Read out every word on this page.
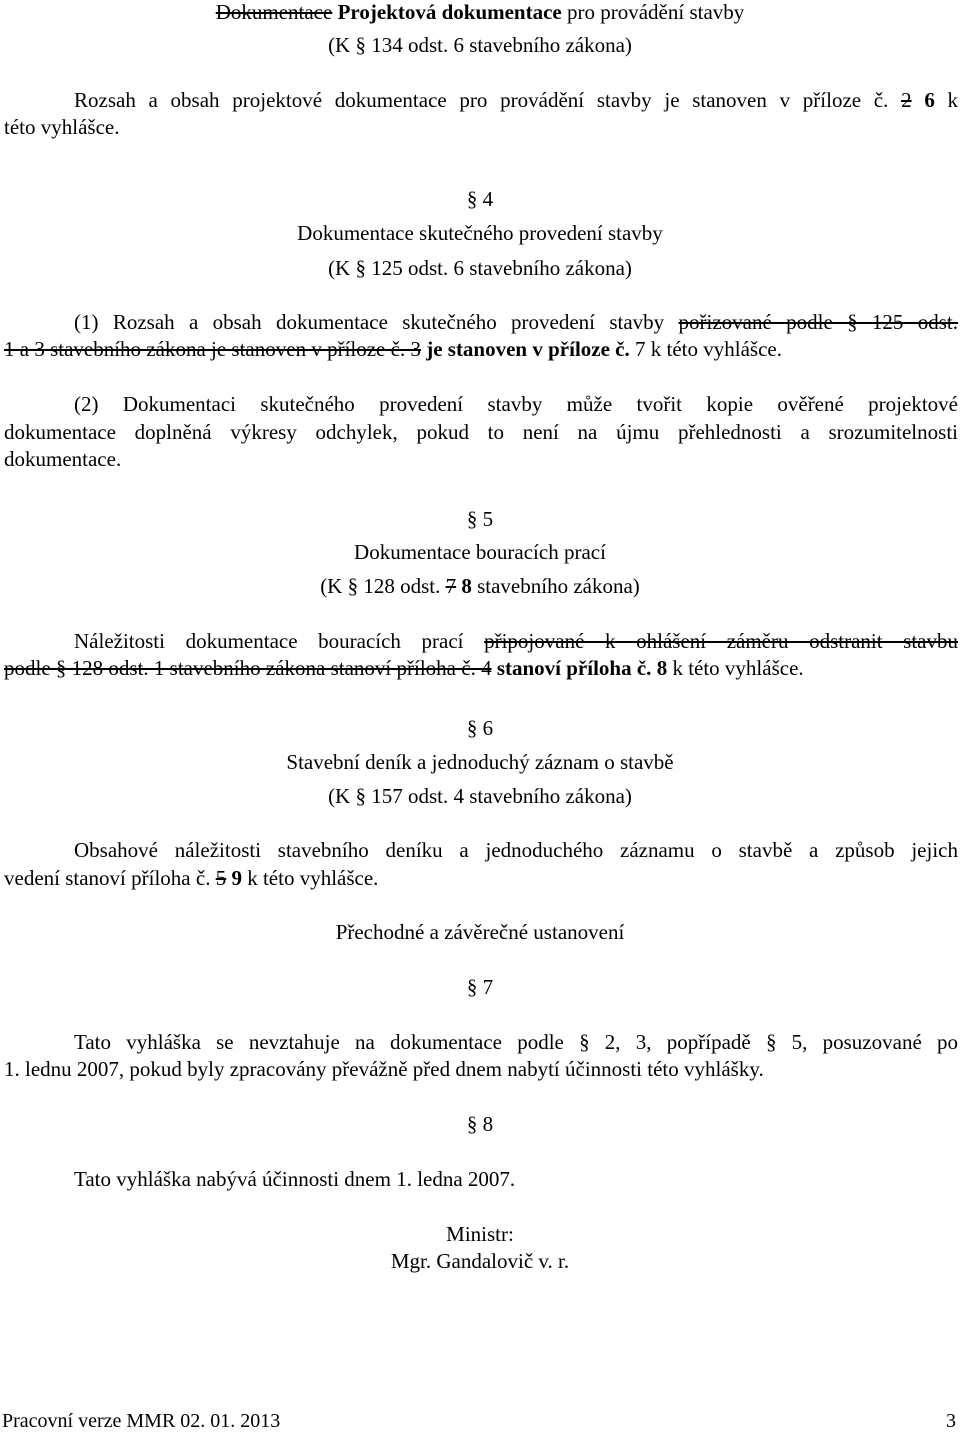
Dokumentace Projektová dokumentace pro provádění stavby
(K § 134 odst. 6 stavebního zákona)
Rozsah a obsah projektové dokumentace pro provádění stavby je stanoven v příloze č. 2 6 k
této vyhlášce.
§ 4
Dokumentace skutečného provedení stavby
(K § 125 odst. 6 stavebního zákona)
(1) Rozsah a obsah dokumentace skutečného provedení stavby pořizované podle § 125 odst.
1 a 3 stavebního zákona je stanoven v příloze č. 3 je stanoven v příloze č. 7 k této vyhlášce.
(2) Dokumentaci skutečného provedení stavby může tvořit kopie ověřené projektové
dokumentace doplněná výkresy odchylek, pokud to není na újmu přehlednosti a srozumitelnosti
dokumentace.
§ 5
Dokumentace bouracích prací
(K § 128 odst. 7 8 stavebního zákona)
Náležitosti dokumentace bouracích prací připojované k ohlášení záměru odstranit stavbu
podle § 128 odst. 1 stavebního zákona stanoví příloha č. 4 stanoví příloha č. 8 k této vyhlášce.
§ 6
Stavební deník a jednoduchý záznam o stavbě
(K § 157 odst. 4 stavebního zákona)
Obsahové náležitosti stavebního deníku a jednoduchého záznamu o stavbě a způsob jejich
vedení stanoví příloha č. 5 9 k této vyhlášce.
Přechodné a závěrečné ustanovení
§ 7
Tato vyhláška se nevztahuje na dokumentace podle § 2, 3, popřípadě § 5, posuzované po
1. lednu 2007, pokud byly zpracovány převážně před dnem nabytí účinnosti této vyhlášky.
§ 8
Tato vyhláška nabývá účinnosti dnem 1. ledna 2007.
Ministr:
Mgr. Gandalovič v. r.
Pracovní verze MMR 02. 01. 2013	3
